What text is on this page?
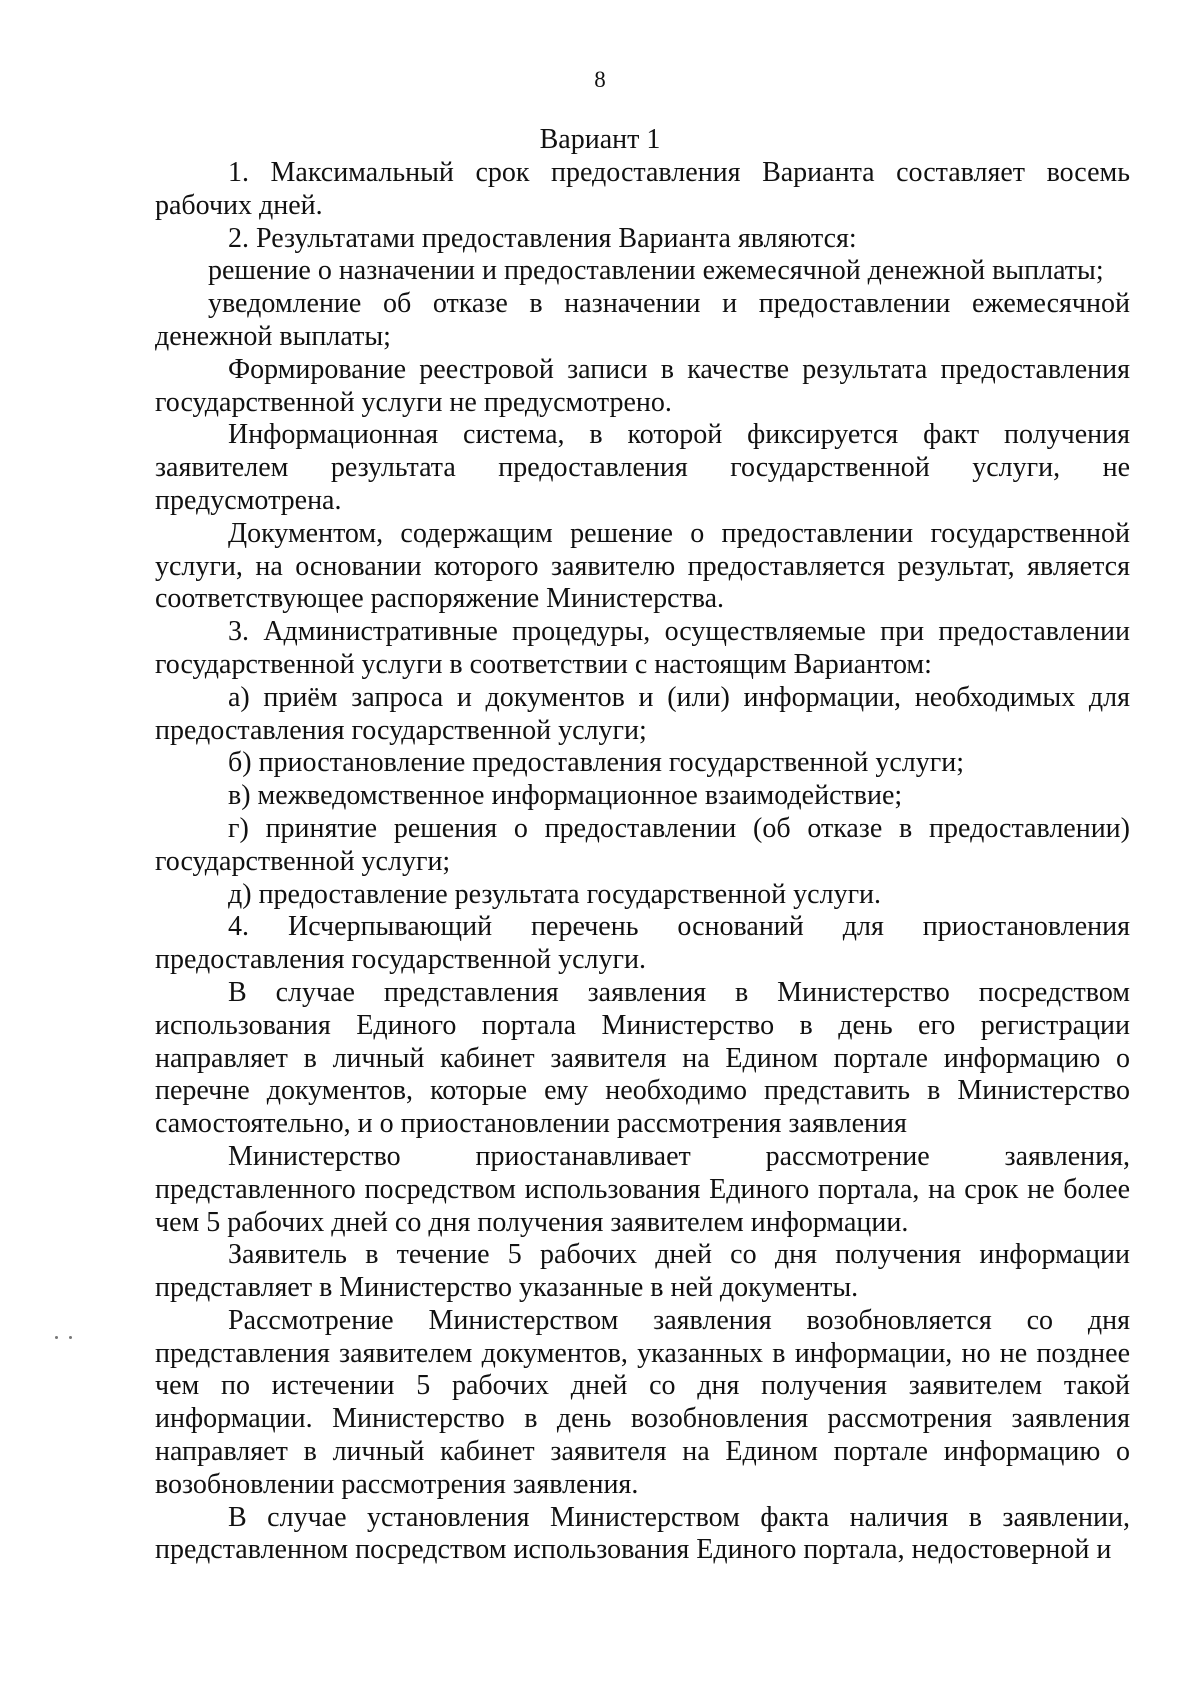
8
Вариант 1

1. Максимальный срок предоставления Варианта составляет восемь рабочих дней.

2. Результатами предоставления Варианта являются:

решение о назначении и предоставлении ежемесячной денежной выплаты;

уведомление об отказе в назначении и предоставлении ежемесячной денежной выплаты;

Формирование реестровой записи в качестве результата предоставления государственной услуги не предусмотрено.

Информационная система, в которой фиксируется факт получения заявителем результата предоставления государственной услуги, не предусмотрена.

Документом, содержащим решение о предоставлении государственной услуги, на основании которого заявителю предоставляется результат, является соответствующее распоряжение Министерства.

3. Административные процедуры, осуществляемые при предоставлении государственной услуги в соответствии с настоящим Вариантом:

а) приём запроса и документов и (или) информации, необходимых для предоставления государственной услуги;

б) приостановление предоставления государственной услуги;

в) межведомственное информационное взаимодействие;

г) принятие решения о предоставлении (об отказе в предоставлении) государственной услуги;

д) предоставление результата государственной услуги.

4. Исчерпывающий перечень оснований для приостановления предоставления государственной услуги.

В случае представления заявления в Министерство посредством использования Единого портала Министерство в день его регистрации направляет в личный кабинет заявителя на Едином портале информацию о перечне документов, которые ему необходимо представить в Министерство самостоятельно, и о приостановлении рассмотрения заявления

Министерство приостанавливает рассмотрение заявления, представленного посредством использования Единого портала, на срок не более чем 5 рабочих дней со дня получения заявителем информации.

Заявитель в течение 5 рабочих дней со дня получения информации представляет в Министерство указанные в ней документы.

Рассмотрение Министерством заявления возобновляется со дня представления заявителем документов, указанных в информации, но не позднее чем по истечении 5 рабочих дней со дня получения заявителем такой информации. Министерство в день возобновления рассмотрения заявления направляет в личный кабинет заявителя на Едином портале информацию о возобновлении рассмотрения заявления.

В случае установления Министерством факта наличия в заявлении, представленном посредством использования Единого портала, недостоверной и
